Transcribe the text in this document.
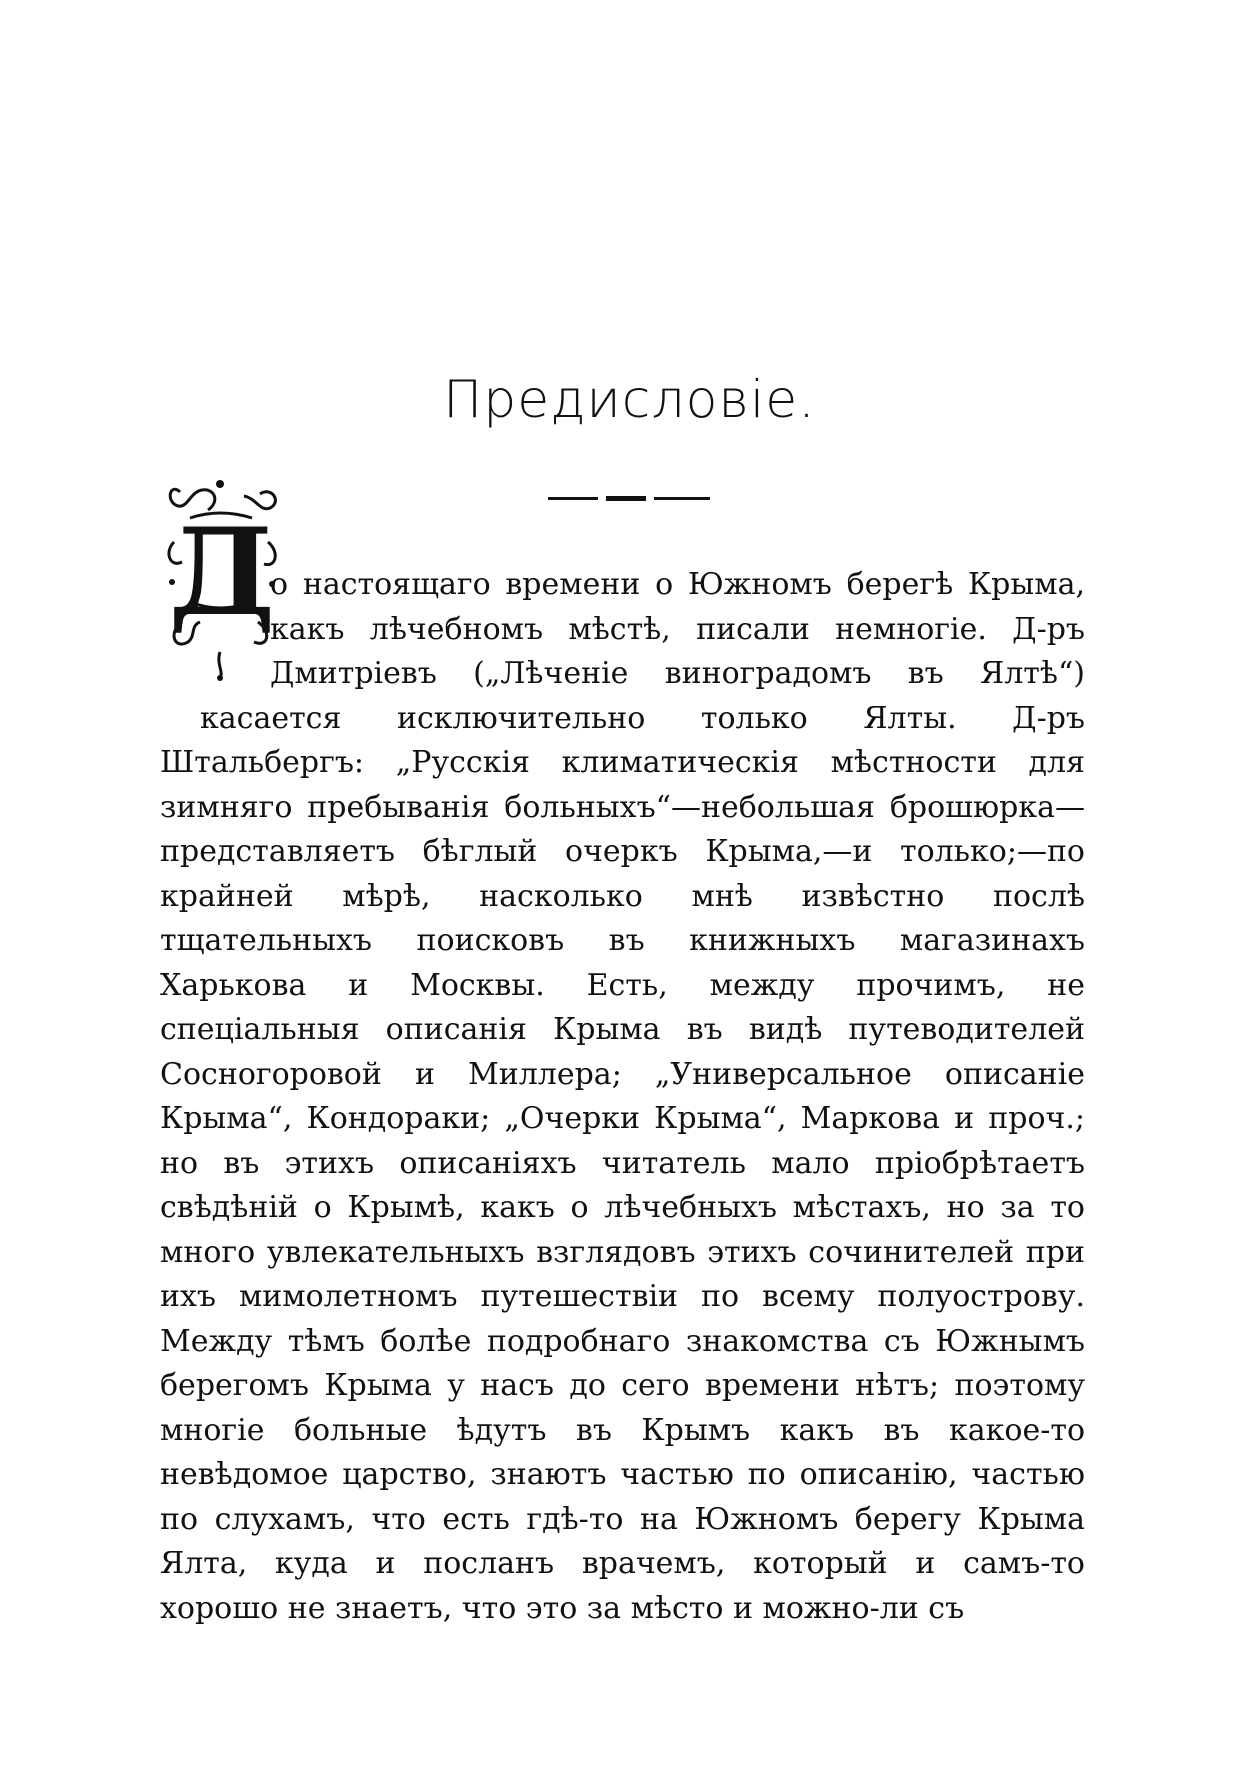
Предисловіе.
Д

о настоящаго времени о Южномъ берегѣ Крыма, какъ лѣчебномъ мѣстѣ, писали немногіе. Д-ръ Дмитріевъ („Лѣченіе виноградомъ въ Ялтѣ“) касается исключительно только Ялты. Д-ръ Штальбергъ: „Русскія климатическія мѣстности для зимняго пребыванія больныхъ“—небольшая брошюрка—представляетъ бѣглый очеркъ Крыма,—и только;—по крайней мѣрѣ, насколько мнѣ извѣстно послѣ тщательныхъ поисковъ въ книжныхъ магазинахъ Харькова и Москвы. Есть, между прочимъ, не спеціальныя описанія Крыма въ видѣ путеводителей Сосногоровой и Миллера; „Универсальное описаніе Крыма“, Кондораки; „Очерки Крыма“, Маркова и проч.; но въ этихъ описаніяхъ читатель мало пріобрѣтаетъ свѣдѣній о Крымѣ, какъ о лѣчебныхъ мѣстахъ, но за то много увлекательныхъ взглядовъ этихъ сочинителей при ихъ мимолетномъ путешествіи по всему полуострову. Между тѣмъ болѣе подробнаго знакомства съ Южнымъ берегомъ Крыма у насъ до сего времени нѣтъ; поэтому многіе больные ѣдутъ въ Крымъ какъ въ какое-то невѣдомое царство, знаютъ частью по описанію, частью по слухамъ, что есть гдѣ-то на Южномъ берегу Крыма Ялта, куда и посланъ врачемъ, который и самъ-то хорошо не знаетъ, что это за мѣсто и можно-ли съ
